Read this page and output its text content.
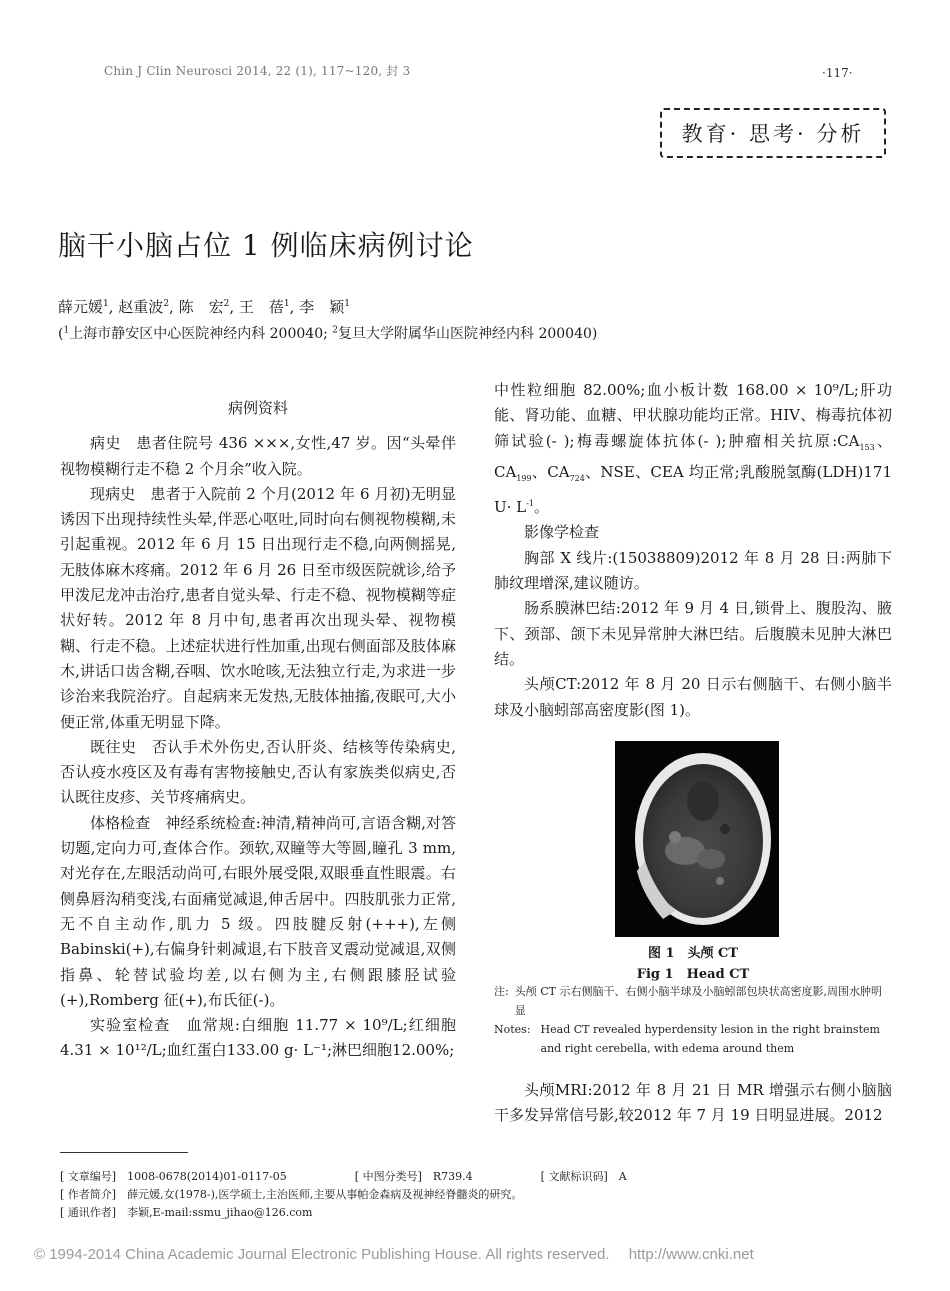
Chin J Clin Neurosci 2014, 22 (1), 117~120, 封 3	·117·
教育· 思考· 分析
脑干小脑占位 1 例临床病例讨论
薛元媛$^1$, 赵重波$^2$, 陈　宏$^2$, 王　蓓$^1$, 李　颖$^1$
($^1$上海市静安区中心医院神经内科 200040; $^2$复旦大学附属华山医院神经内科 200040)

病例资料

病史　患者住院号 436 ×××,女性,47 岁。因“头晕伴视物模糊行走不稳 2 个月余”收入院。

现病史　患者于入院前 2 个月(2012 年 6 月初)无明显诱因下出现持续性头晕,伴恶心呕吐,同时向右侧视物模糊,未引起重视。2012 年 6 月 15 日出现行走不稳,向两侧摇晃,无肢体麻木疼痛。2012 年 6 月 26 日至市级医院就诊,给予甲泼尼龙冲击治疗,患者自觉头晕、行走不稳、视物模糊等症状好转。2012 年 8 月中旬,患者再次出现头晕、视物模糊、行走不稳。上述症状进行性加重,出现右侧面部及肢体麻木,讲话口齿含糊,吞咽、饮水呛咳,无法独立行走,为求进一步诊治来我院治疗。自起病来无发热,无肢体抽搐,夜眠可,大小便正常,体重无明显下降。

既往史　否认手术外伤史,否认肝炎、结核等传染病史,否认疫水疫区及有毒有害物接触史,否认有家族类似病史,否认既往皮疹、关节疼痛病史。

体格检查　神经系统检查:神清,精神尚可,言语含糊,对答切题,定向力可,查体合作。颈软,双瞳等大等圆,瞳孔 3 mm,对光存在,左眼活动尚可,右眼外展受限,双眼垂直性眼震。右侧鼻唇沟稍变浅,右面痛觉减退,伸舌居中。四肢肌张力正常,无不自主动作,肌力 5 级。四肢腱反射(+++),左侧 Babinski(+),右偏身针刺减退,右下肢音叉震动觉减退,双侧指鼻、轮替试验均差,以右侧为主,右侧跟膝胫试验(+),Romberg 征(+),布氏征(-)。

实验室检查　血常规:白细胞 11.77 × 10⁹/L;红细胞4.31 × 10¹²/L;血红蛋白133.00 g· L⁻¹;淋巴细胞12.00%;

中性粒细胞 82.00%;血小板计数 168.00 × 10⁹/L;肝功能、肾功能、血糖、甲状腺功能均正常。HIV、梅毒抗体初筛试验(- );梅毒螺旋体抗体(- );肿瘤相关抗原$:CA_{153}$、$CA_{199}$、$CA_{724}$、NSE、CEA 均正常;乳酸脱氢酶(LDH)171 $U\cdot L^{-1}$。

影像学检查

胸部 X 线片:(15038809)2012 年 8 月 28 日:两肺下肺纹理增深,建议随访。

肠系膜淋巴结:2012 年 9 月 4 日,锁骨上、腹股沟、腋下、颈部、颌下未见异常肿大淋巴结。后腹膜未见肿大淋巴结。

头颅CT:2012 年 8 月 20 日示右侧脑干、右侧小脑半球及小脑蚓部高密度影(图 1)。

图 1　头颅 CT
Fig 1　Head CT
注: 头颅 CT 示右侧脑干、右侧小脑半球及小脑蚓部包块状高密度影,周围水肿明显
Notes: Head CT revealed hyperdensity lesion in the right brainstem and right cerebella, with edema around them

头颅MRI:2012 年 8 月 21 日 MR 增强示右侧小脑脑干多发异常信号影,较2012 年 7 月 19 日明显进展。2012

[ 文章编号]　1008-0678(2014)01-0117-05	[ 中图分类号]　R739.4	[ 文献标识码]　A
[ 作者简介]　薛元媛,女(1978-),医学硕士,主治医师,主要从事帕金森病及视神经脊髓炎的研究。
[ 通讯作者]　李颖,E-mail:ssmu_jihao@126.com
© 1994-2014 China Academic Journal Electronic Publishing House. All rights reserved.　 http://www.cnki.net
